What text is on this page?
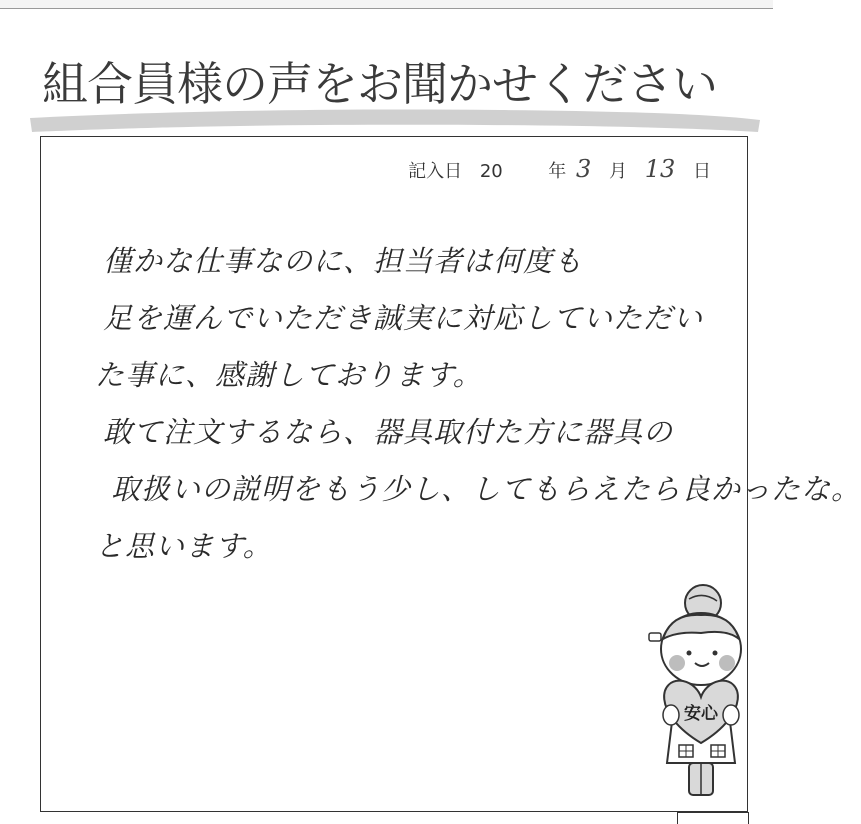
組合員様の声をお聞かせください
記入日 20	年 3 月 13 日
僅かな仕事なのに、担当者は何度も
足を運んでいただき誠実に対応していただい
た事に、感謝しております。
敢て注文するなら、器具取付た方に器具の
取扱いの説明をもう少し、してもらえたら良かったな。
と思います。
安心
